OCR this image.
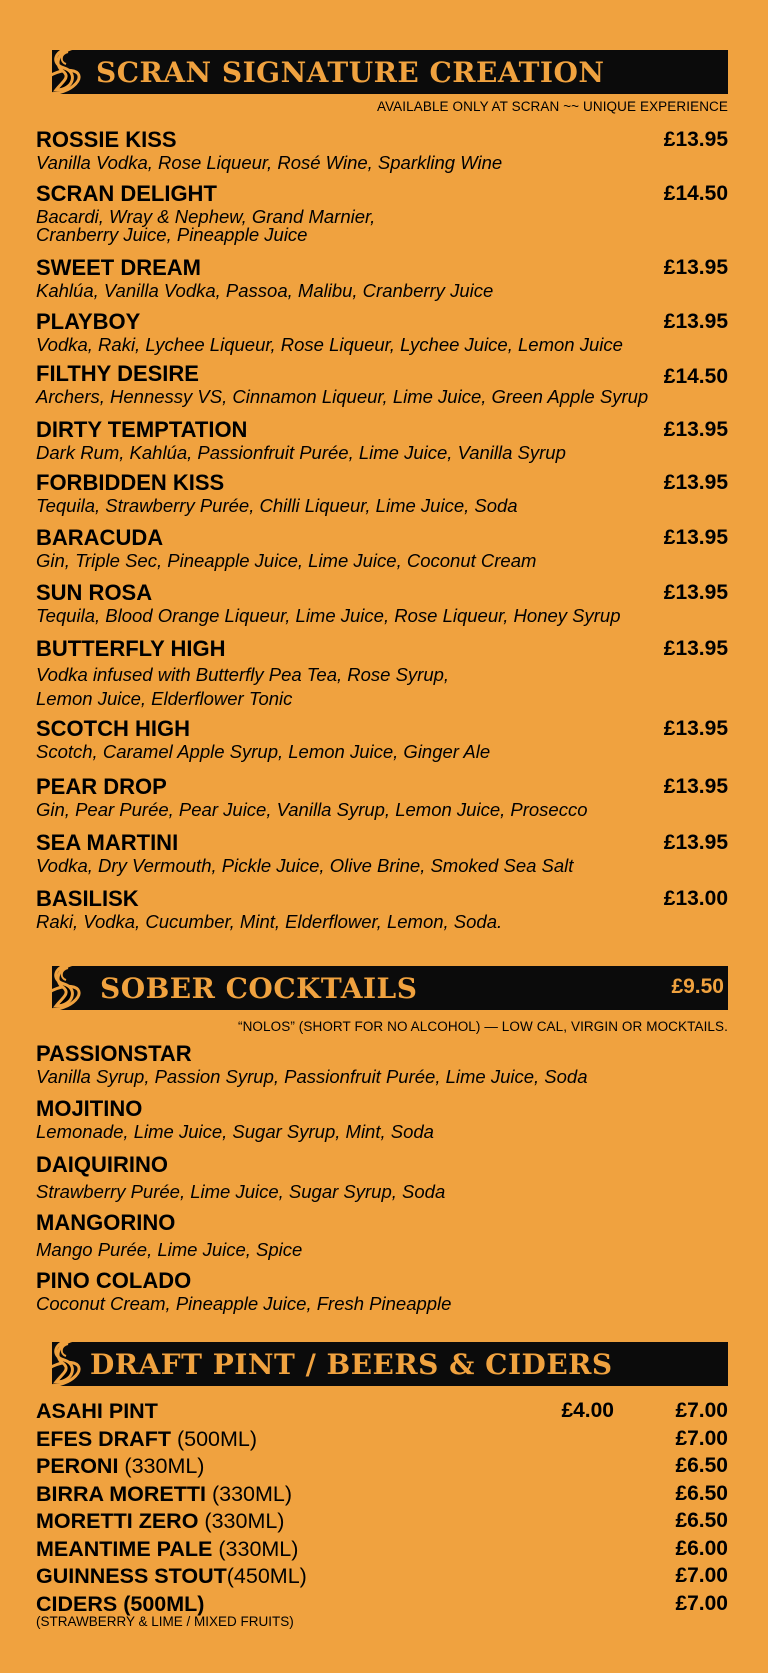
SCRAN SIGNATURE CREATION
AVAILABLE ONLY AT SCRAN ~~ UNIQUE EXPERIENCE
ROSSIE KISS	£13.95
Vanilla Vodka, Rose Liqueur, Rosé Wine, Sparkling Wine
SCRAN DELIGHT	£14.50
Bacardi, Wray & Nephew, Grand Marnier,
Cranberry Juice, Pineapple Juice
SWEET DREAM	£13.95
Kahlúa, Vanilla Vodka, Passoa, Malibu, Cranberry Juice
PLAYBOY	£13.95
Vodka, Raki, Lychee Liqueur, Rose Liqueur, Lychee Juice, Lemon Juice
FILTHY DESIRE	£14.50
Archers, Hennessy VS, Cinnamon Liqueur, Lime Juice, Green Apple Syrup
DIRTY TEMPTATION	£13.95
Dark Rum, Kahlúa, Passionfruit Purée, Lime Juice, Vanilla Syrup
FORBIDDEN KISS	£13.95
Tequila, Strawberry Purée, Chilli Liqueur, Lime Juice, Soda
BARACUDA	£13.95
Gin, Triple Sec, Pineapple Juice, Lime Juice, Coconut Cream
SUN ROSA	£13.95
Tequila, Blood Orange Liqueur, Lime Juice, Rose Liqueur, Honey Syrup
BUTTERFLY HIGH	£13.95
Vodka infused with Butterfly Pea Tea, Rose Syrup,
Lemon Juice, Elderflower Tonic
SCOTCH HIGH	£13.95
Scotch, Caramel Apple Syrup, Lemon Juice, Ginger Ale
PEAR DROP	£13.95
Gin, Pear Purée, Pear Juice, Vanilla Syrup, Lemon Juice, Prosecco
SEA MARTINI	£13.95
Vodka, Dry Vermouth, Pickle Juice, Olive Brine, Smoked Sea Salt
BASILISK	£13.00
Raki, Vodka, Cucumber, Mint, Elderflower, Lemon, Soda.
SOBER COCKTAILS	£9.50
“NOLOS” (SHORT FOR NO ALCOHOL) — LOW CAL, VIRGIN OR MOCKTAILS.
PASSIONSTAR
Vanilla Syrup, Passion Syrup, Passionfruit Purée, Lime Juice, Soda
MOJITINO
Lemonade, Lime Juice, Sugar Syrup, Mint, Soda
DAIQUIRINO
Strawberry Purée, Lime Juice, Sugar Syrup, Soda
MANGORINO
Mango Purée, Lime Juice, Spice
PINO COLADO
Coconut Cream, Pineapple Juice, Fresh Pineapple
DRAFT PINT / BEERS & CIDERS
ASAHI PINT	£4.00	£7.00
EFES DRAFT (500ML)	£7.00
PERONI (330ML)	£6.50
BIRRA MORETTI (330ML)	£6.50
MORETTI ZERO (330ML)	£6.50
MEANTIME PALE (330ML)	£6.00
GUINNESS STOUT(450ML)	£7.00
CIDERS (500ML)	£7.00
(STRAWBERRY & LIME / MIXED FRUITS)
